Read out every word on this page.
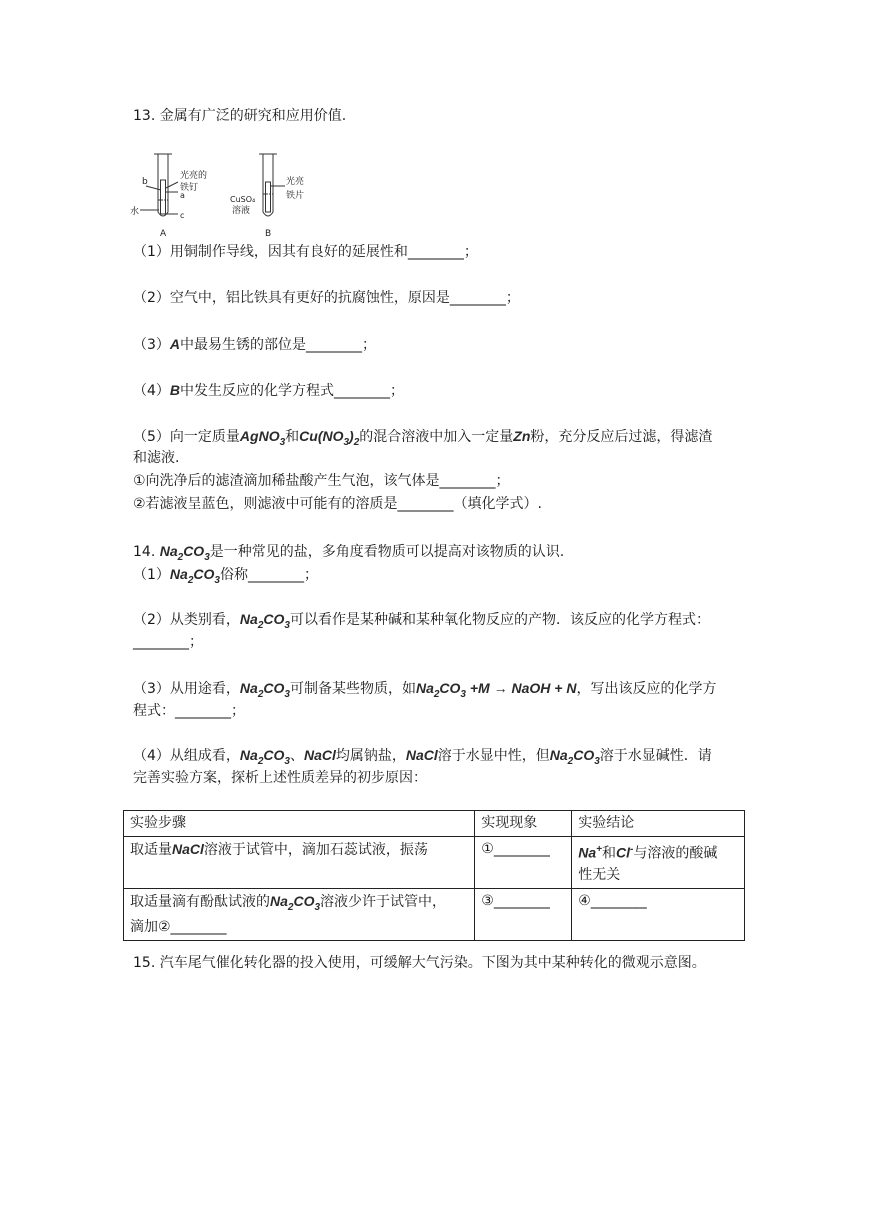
13. 金属有广泛的研究和应用价值.
b
光亮的
铁钉
a
水	c
A
CuSO₄
溶液
光亮
铁片
B
（1）用铜制作导线，因其有良好的延展性和________；
（2）空气中，铝比铁具有更好的抗腐蚀性，原因是________；
（3）A中最易生锈的部位是________；
（4）B中发生反应的化学方程式________；
（5）向一定质量AgNO$_3$和$Cu(NO_3)_2$的混合溶液中加入一定量Zn粉，充分反应后过滤，得滤渣
和滤液.
①向洗净后的滤渣滴加稀盐酸产生气泡，该气体是________；
②若滤液呈蓝色，则滤液中可能有的溶质是________（填化学式）.
14. $Na_2CO_3$是一种常见的盐，多角度看物质可以提高对该物质的认识.
$(1)Na_2CO_3$俗称________；
（2）从类别看，$Na_2CO_3$可以看作是某种碱和某种氧化物反应的产物．该反应的化学方程式：
________；
（3）从用途看，$Na_2CO_3$可制备某些物质，如$Na_2CO_3 +M$ → NaOH + N，写出该反应的化学方
程式：________；
（4）从组成看，$Na_2CO_3$、NaCl均属钠盐，NaCl溶于水显中性，但$Na_2CO_3$溶于水显碱性．请
完善实验方案，探析上述性质差异的初步原因：
实验步骤	实现现象	实验结论
取适量NaCl溶液于试管中，滴加石蕊试液，振荡	①________	Na+和Cl-与溶液的酸碱
性无关
取适量滴有酚酞试液的$Na_2CO_3$溶液少许于试管中，
滴加②________	③________	④________
15. 汽车尾气催化转化器的投入使用，可缓解大气污染。下图为其中某种转化的微观示意图。
